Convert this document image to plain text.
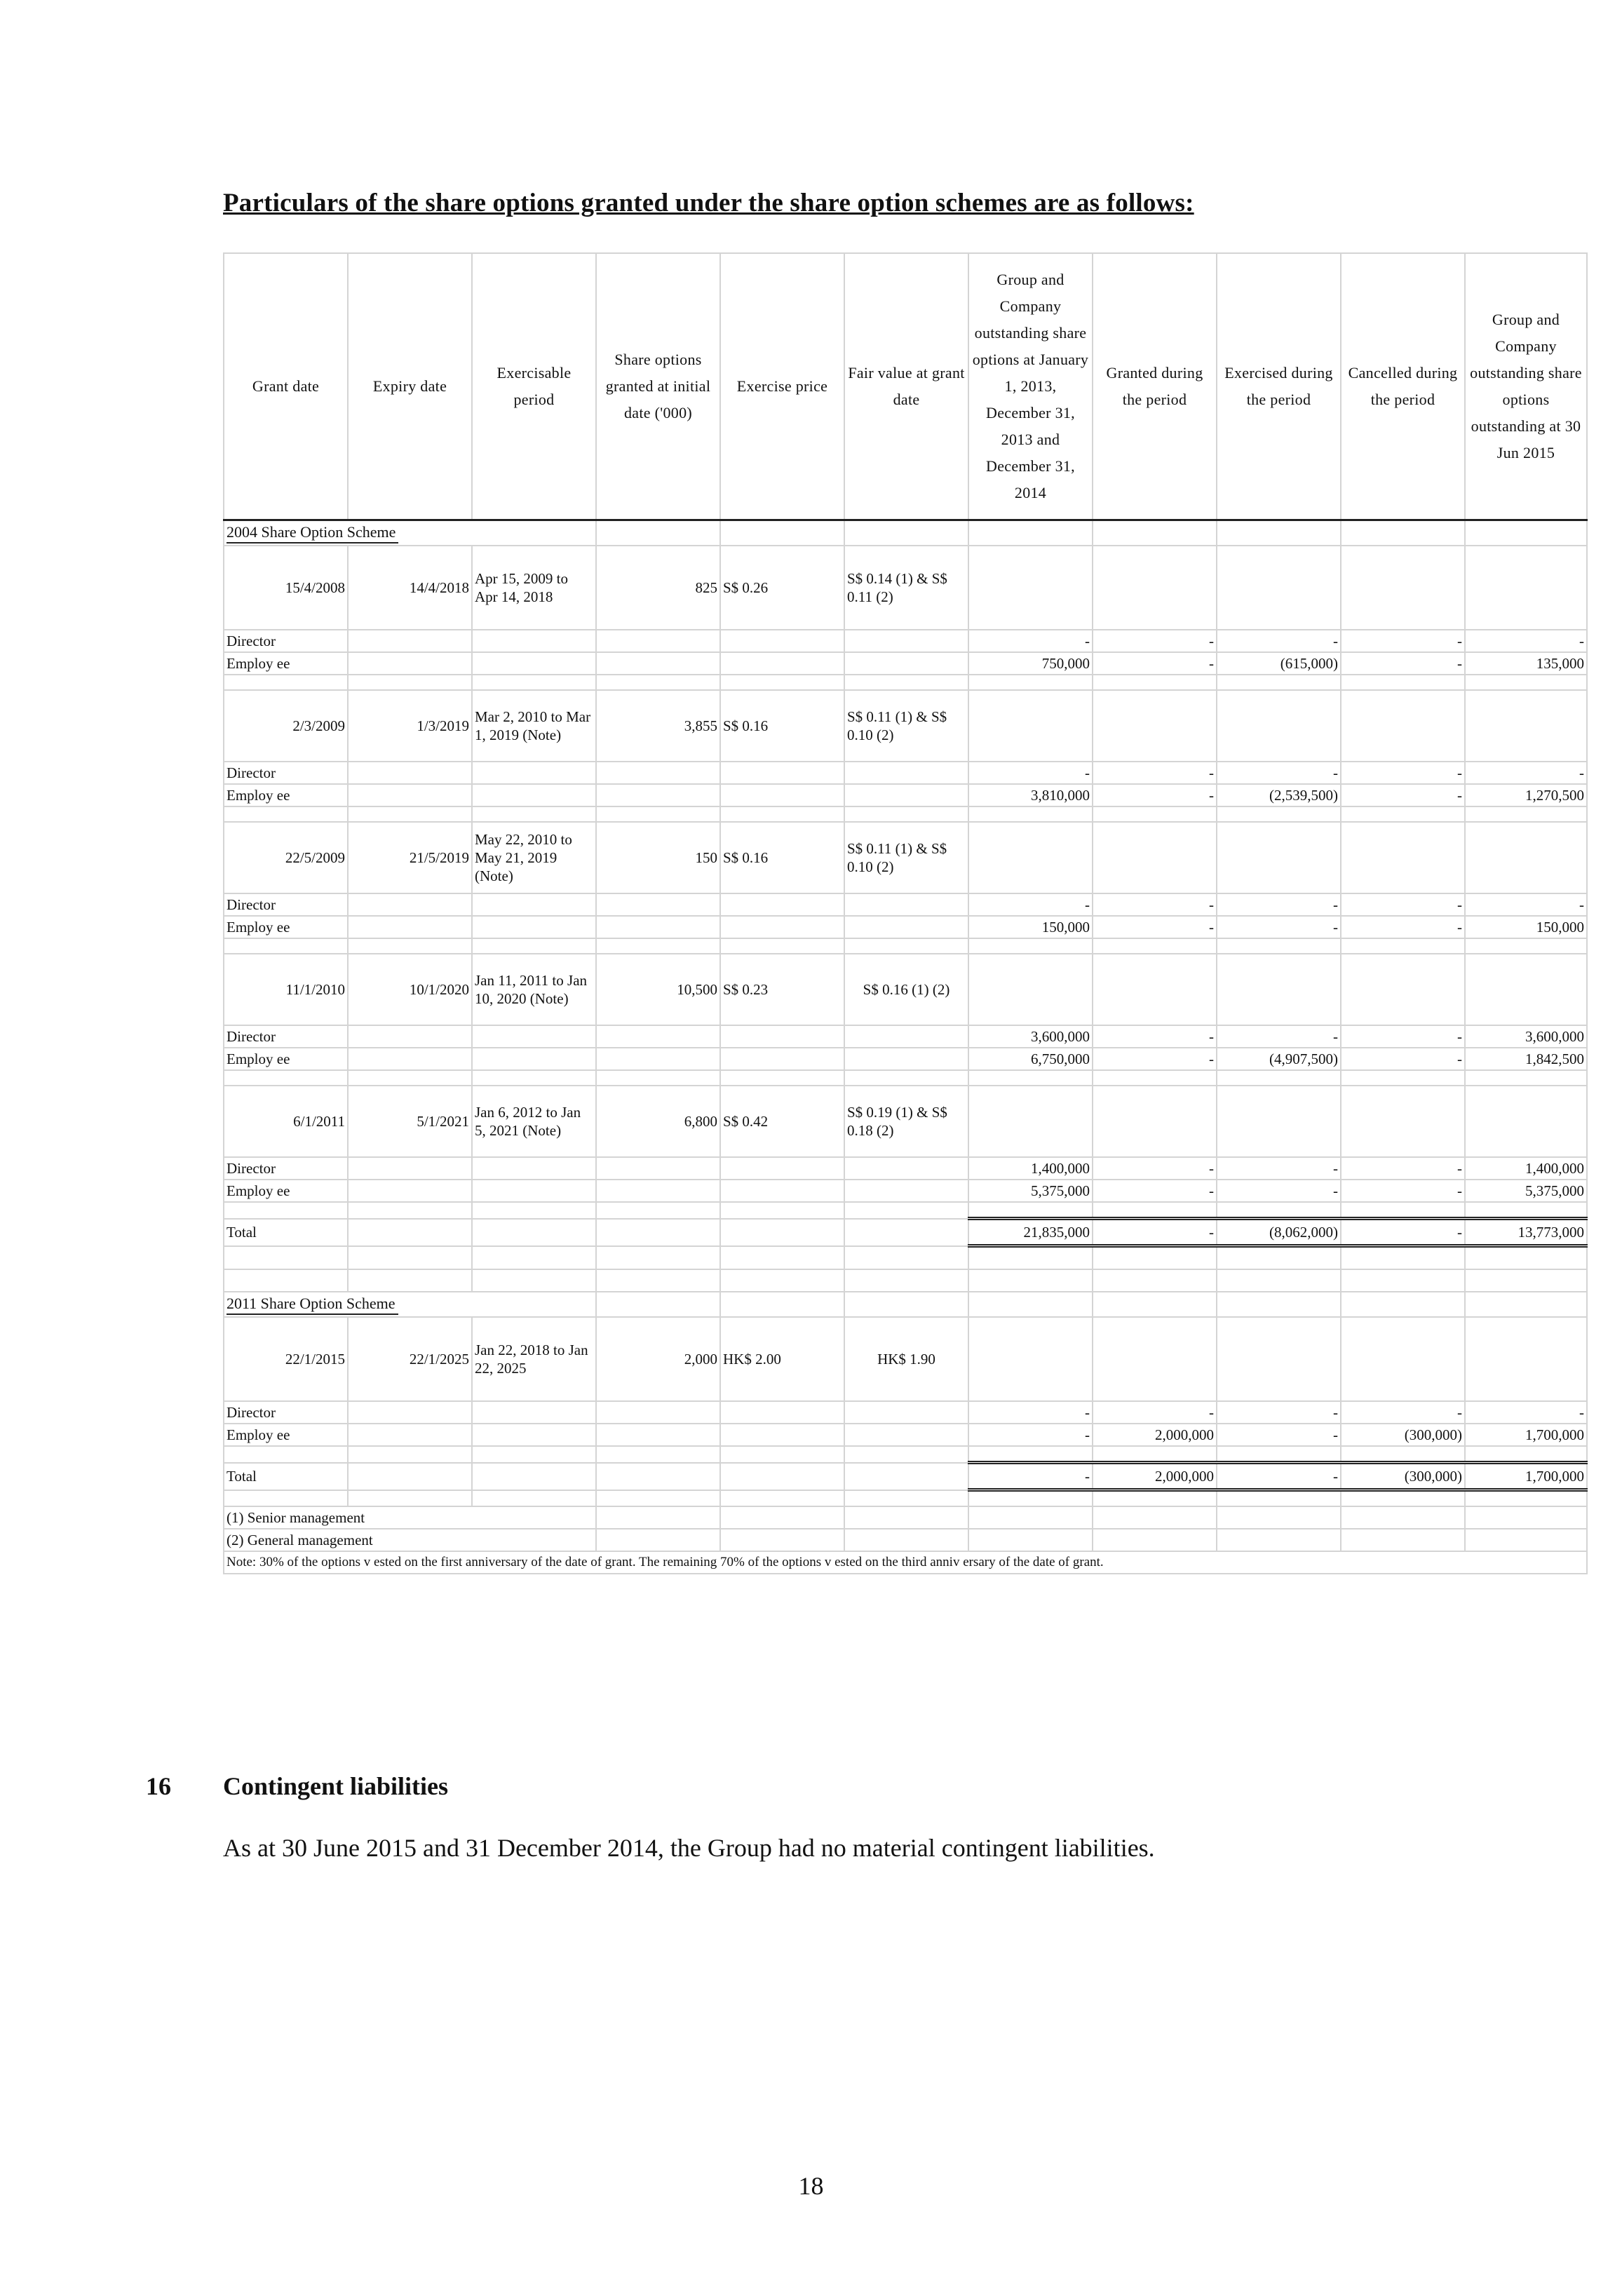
Particulars of the share options granted under the share option schemes are as follows:
Grant date	Expiry date	Exercisable period	Share options granted at initial date ('000)	Exercise price	Fair value at grant date	Group and Company outstanding share options at January 1, 2013, December 31, 2013 and December 31, 2014	Granted during the period	Exercised during the period	Cancelled during the period	Group and Company outstanding share options outstanding at 30 Jun 2015
2004 Share Option Scheme										
15/4/2008	14/4/2018	Apr 15, 2009 to Apr 14, 2018	825	S$ 0.26	S$ 0.14 (1) & S$ 0.11 (2)					
Director						-	-	-	-	-
Employ ee						750,000	-	(615,000)	-	135,000

2/3/2009	1/3/2019	Mar 2, 2010 to Mar 1, 2019 (Note)	3,855	S$ 0.16	S$ 0.11 (1) & S$ 0.10 (2)					
Director						-	-	-	-	-
Employ ee						3,810,000	-	(2,539,500)	-	1,270,500

22/5/2009	21/5/2019	May 22, 2010 to May 21, 2019 (Note)	150	S$ 0.16	S$ 0.11 (1) & S$ 0.10 (2)					
Director						-	-	-	-	-
Employ ee						150,000	-	-	-	150,000

11/1/2010	10/1/2020	Jan 11, 2011 to Jan 10, 2020 (Note)	10,500	S$ 0.23	S$ 0.16 (1) (2)					
Director						3,600,000	-	-	-	3,600,000
Employ ee						6,750,000	-	(4,907,500)	-	1,842,500

6/1/2011	5/1/2021	Jan 6, 2012 to Jan 5, 2021 (Note)	6,800	S$ 0.42	S$ 0.19 (1) & S$ 0.18 (2)					
Director						1,400,000	-	-	-	1,400,000
Employ ee						5,375,000	-	-	-	5,375,000

Total						21,835,000	-	(8,062,000)	-	13,773,000

2011 Share Option Scheme										
22/1/2015	22/1/2025	Jan 22, 2018 to Jan 22, 2025	2,000	HK$ 2.00	HK$ 1.90					
Director						-	-	-	-	-
Employ ee						-	2,000,000	-	(300,000)	1,700,000

Total						-	2,000,000	-	(300,000)	1,700,000

(1) Senior management										
(2) General management										
Note: 30% of the options v ested on the first anniversary of the date of grant. The remaining 70% of the options v ested on the third anniv ersary of the date of grant.										
16 Contingent liabilities
As at 30 June 2015 and 31 December 2014, the Group had no material contingent liabilities.
18
